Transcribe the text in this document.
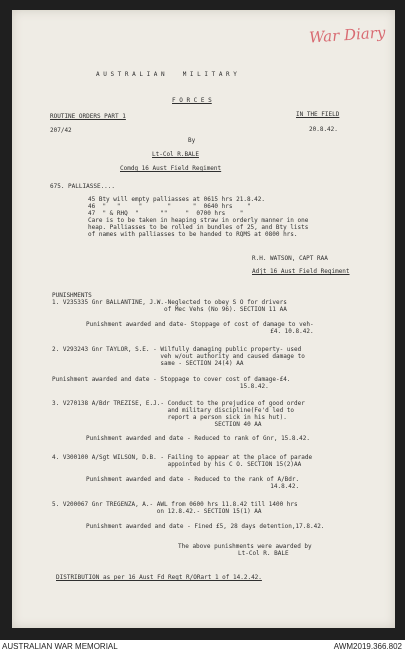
War Diary
A U S T R A L I A N     M I L I T A R Y
F O R C E S
ROUTINE ORDERS PART 1
207/42
IN THE FIELD
20.8.42.
By
Lt-Col R.BALE
Comdg 16 Aust Field Regiment
675. PALLIASSE....
45 Bty will empty palliasses at 0615 hrs 21.8.42.
46  "   "     "       "      "  0640 hrs    "
47  " & RHQ  "      ""     "  0700 hrs    "
Care is to be taken in heaping straw in orderly manner in one
heap. Palliasses to be rolled in bundles of 25, and Bty lists
of names with palliasses to be handed to RQMS at 0800 hrs.
R.H. WATSON, CAPT RAA
Adjt 16 Aust Field Regiment
PUNISHMENTS
1. V235335 Gnr BALLANTINE, J.W.-Neglected to obey S O for drivers
of Mec Vehs (No 96). SECTION 11 AA
Punishment awarded and date- Stoppage of cost of damage to veh-
£4. 10.8.42.
2. V293243 Gnr TAYLOR, S.E. - Wilfully damaging public property- used
veh w/out authority and caused damage to
same - SECTION 24(4) AA
Punishment awarded and date - Stoppage to cover cost of damage-£4.
15.8.42.
3. V270138 A/Bdr TREZISE, E.J.- Conduct to the prejudice of good order
and military discipline(Fe'd led to
report a person sick in his hut).
SECTION 40 AA
Punishment awarded and date - Reduced to rank of Gnr, 15.8.42.
4. V300100 A/Sgt WILSON, D.B. - Failing to appear at the place of parade
appointed by his C O. SECTION 15(2)AA
Punishment awarded and date - Reduced to the rank of A/Bdr.
14.8.42.
5. V200067 Gnr TREGENZA, A.- AWL from 0600 hrs 11.8.42 till 1400 hrs
on 12.8.42.- SECTION 15(1) AA
Punishment awarded and date - Fined £5, 28 days detention,17.8.42.
The above punishments were awarded by
Lt-Col R. BALE
DISTRIBUTION as per 16 Aust Fd Regt R/ORart 1 of 14.2.42.
AUSTRALIAN WAR MEMORIAL	AWM2019.366.802
